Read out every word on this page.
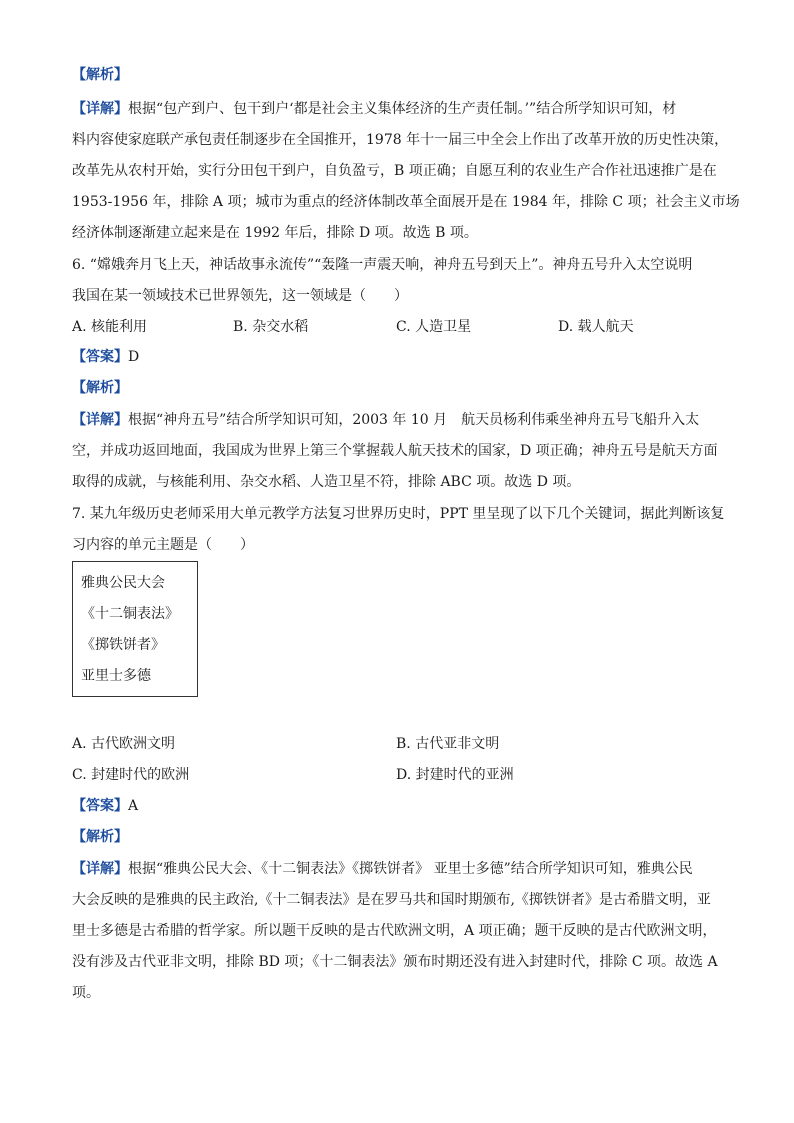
【解析】
【详解】根据“包产到户、包干到户‘都是社会主义集体经济的生产责任制。’”结合所学知识可知，材
料内容使家庭联产承包责任制逐步在全国推开，1978 年十一届三中全会上作出了改革开放的历史性决策，
改革先从农村开始，实行分田包干到户，自负盈亏，B 项正确；自愿互利的农业生产合作社迅速推广是在
1953-1956 年，排除 A 项；城市为重点的经济体制改革全面展开是在 1984 年，排除 C 项；社会主义市场
经济体制逐渐建立起来是在 1992 年后，排除 D 项。故选 B 项。
6. “嫦娥奔月飞上天，神话故事永流传”“轰隆一声震天响，神舟五号到天上”。神舟五号升入太空说明
我国在某一领域技术已世界领先，这一领域是（　　）
A. 核能利用	B. 杂交水稻	C. 人造卫星	D. 载人航天
【答案】D
【解析】
【详解】根据“神舟五号”结合所学知识可知，2003 年 10 月　航天员杨利伟乘坐神舟五号飞船升入太
空，并成功返回地面，我国成为世界上第三个掌握载人航天技术的国家，D 项正确；神舟五号是航天方面
取得的成就，与核能利用、杂交水稻、人造卫星不符，排除 ABC 项。故选 D 项。
7. 某九年级历史老师采用大单元教学方法复习世界历史时，PPT 里呈现了以下几个关键词，据此判断该复
习内容的单元主题是（　　）
雅典公民大会
《十二铜表法》
《掷铁饼者》
亚里士多德
A. 古代欧洲文明	B. 古代亚非文明
C. 封建时代的欧洲	D. 封建时代的亚洲
【答案】A
【解析】
【详解】根据“雅典公民大会、《十二铜表法》《掷铁饼者》 亚里士多德”结合所学知识可知，雅典公民
大会反映的是雅典的民主政治,《十二铜表法》是在罗马共和国时期颁布,《掷铁饼者》是古希腊文明，亚
里士多德是古希腊的哲学家。所以题干反映的是古代欧洲文明，A 项正确；题干反映的是古代欧洲文明，
没有涉及古代亚非文明，排除 BD 项；《十二铜表法》颁布时期还没有进入封建时代，排除 C 项。故选 A
项。
